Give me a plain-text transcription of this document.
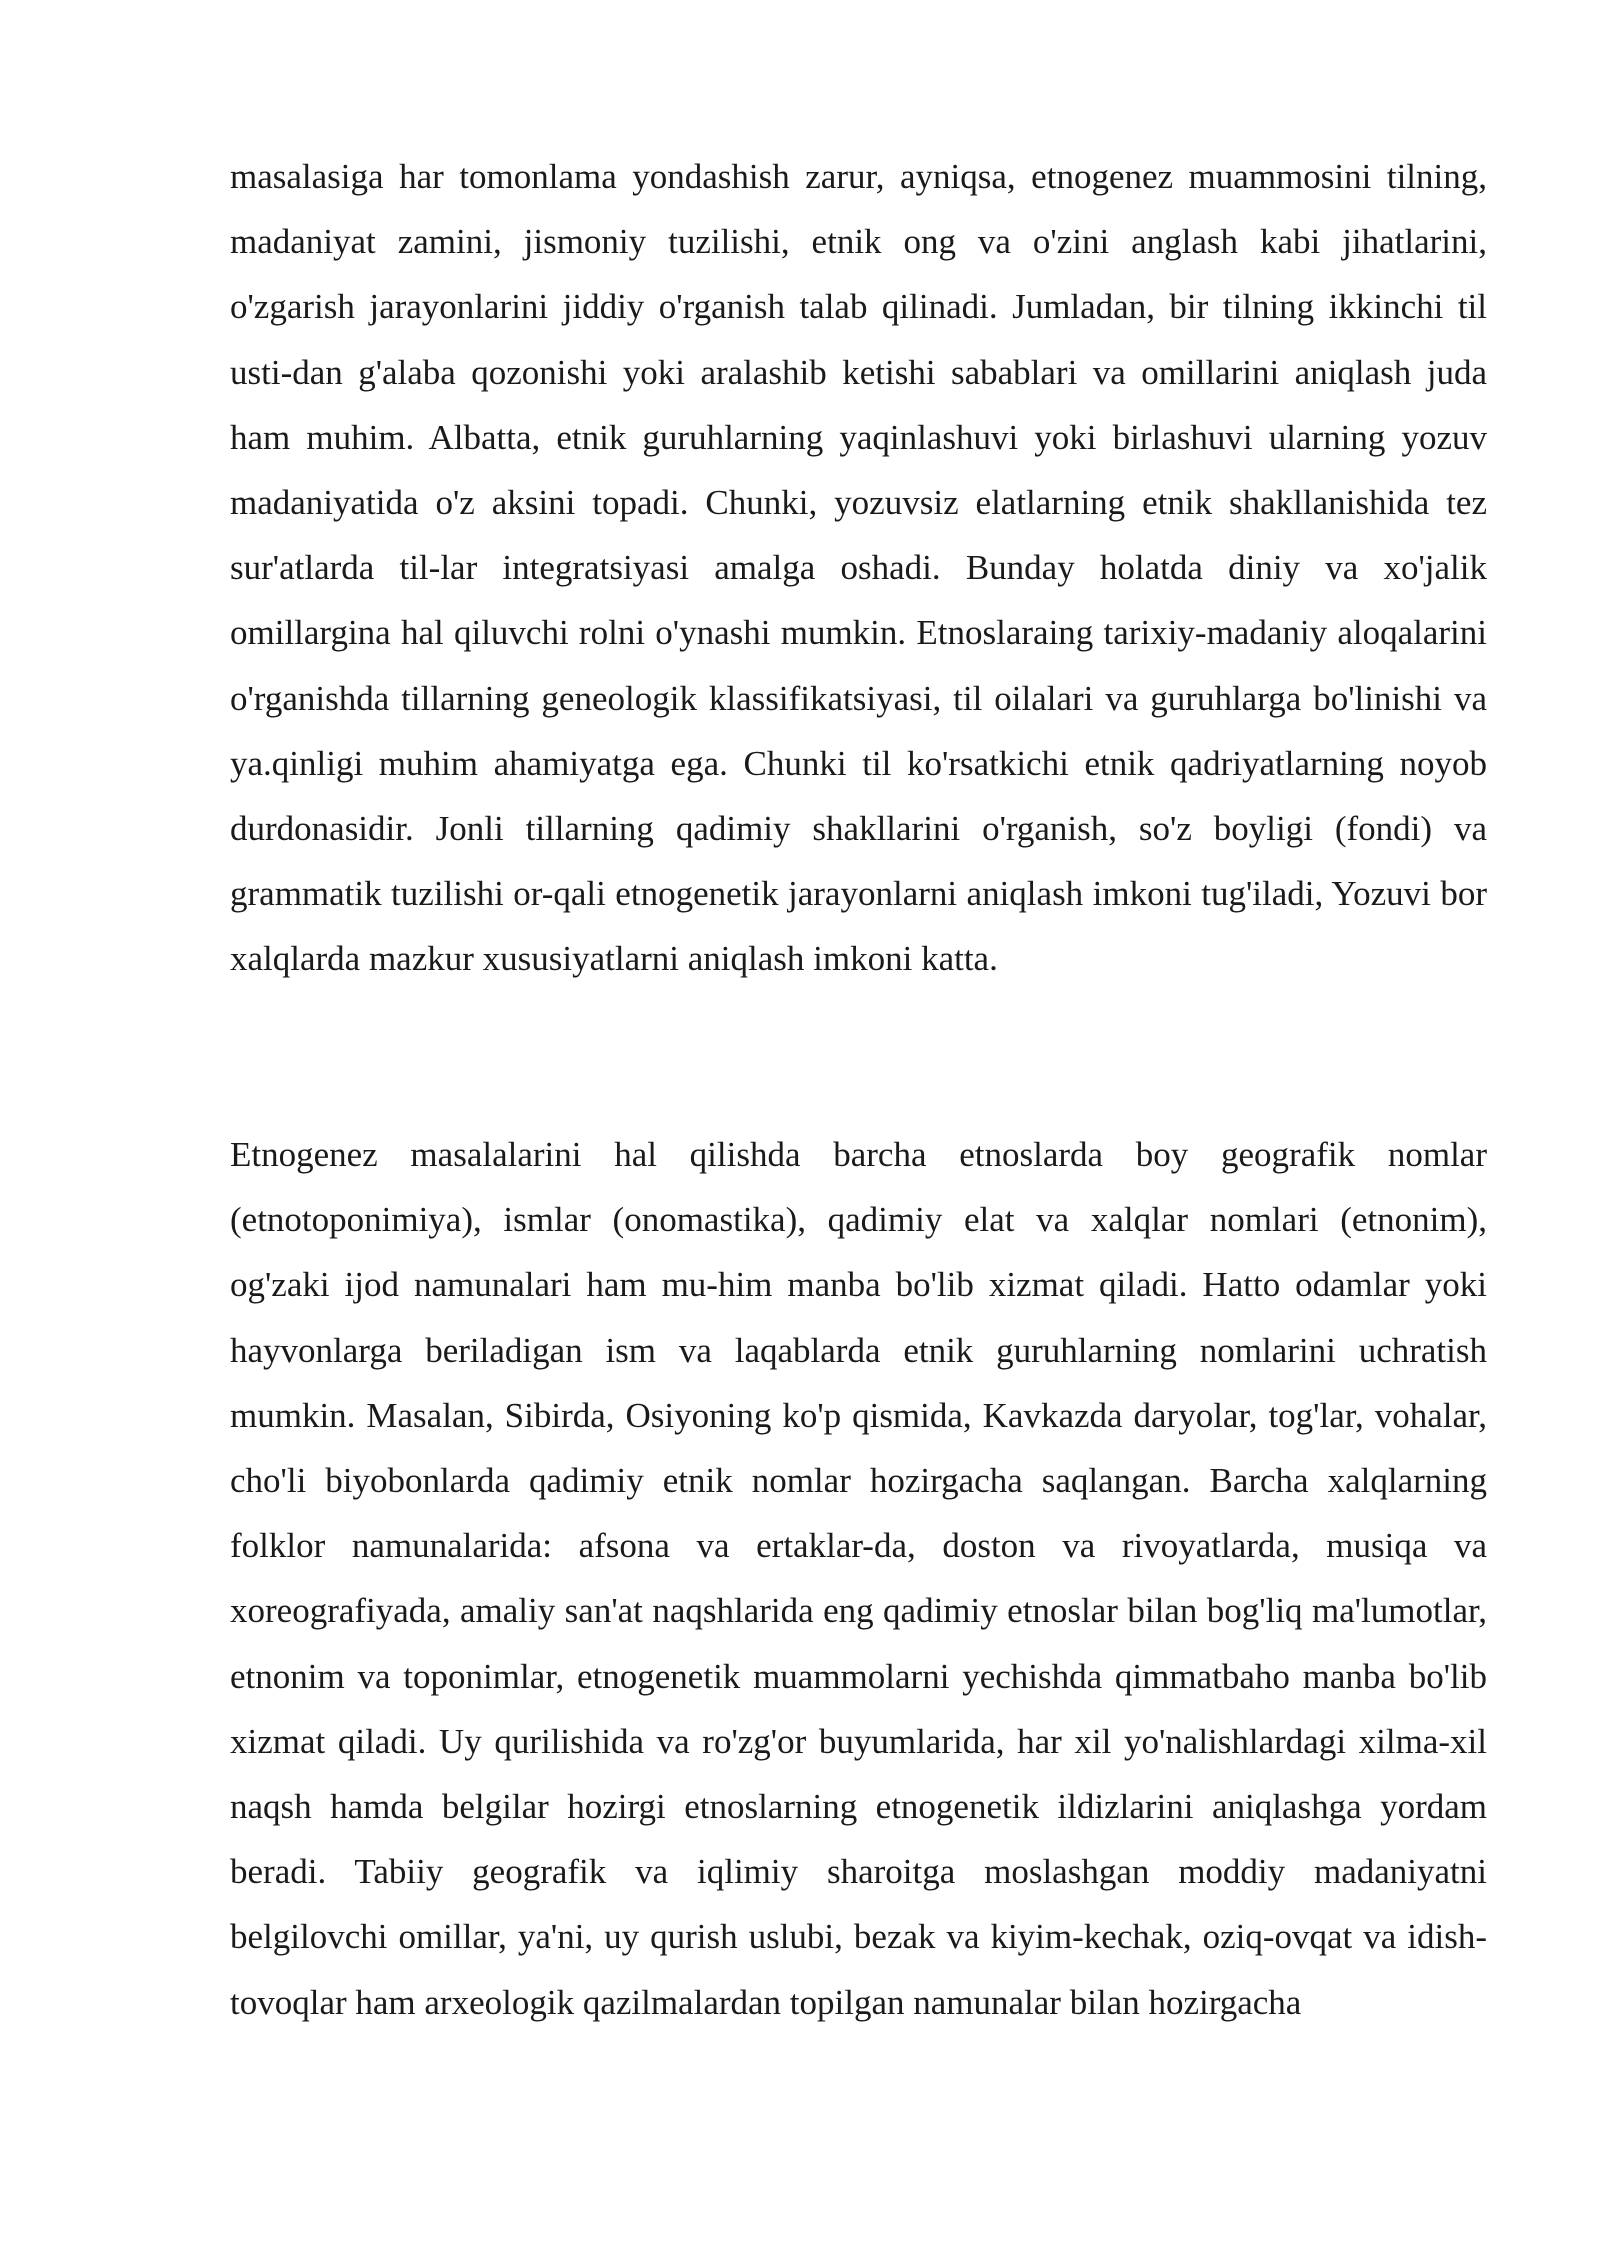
masalasiga har tomonlama yondashish zarur, ayniqsa, etnogenez muammosini tilning, madaniyat zamini, jismoniy tuzilishi, etnik ong va o'zini anglash kabi jihatlarini, o'zgarish jarayonlarini jiddiy o'rganish talab qilinadi. Jumladan, bir tilning ikkinchi til usti-dan g'alaba qozonishi yoki aralashib ketishi sabablari va omillarini aniqlash juda ham muhim. Albatta, etnik guruhlarning yaqinlashuvi yoki birlashuvi ularning yozuv madaniyatida o'z aksini topadi. Chunki, yozuvsiz elatlarning etnik shakllanishida tez sur'atlarda til-lar integratsiyasi amalga oshadi. Bunday holatda diniy va xo'jalik omillargina hal qiluvchi rolni o'ynashi mumkin. Etnoslaraing tarixiy-madaniy aloqalarini o'rganishda tillarning geneologik klassifikatsiyasi, til oilalari va guruhlarga bo'linishi va ya.qinligi muhim ahamiyatga ega. Chunki til ko'rsatkichi etnik qadriyatlarning noyob durdonasidir. Jonli tillarning qadimiy shakllarini o'rganish, so'z boyligi (fondi) va grammatik tuzilishi or-qali etnogenetik jarayonlarni aniqlash imkoni tug'iladi, Yozuvi bor xalqlarda mazkur xususiyatlarni aniqlash imkoni katta.

Etnogenez masalalarini hal qilishda barcha etnoslarda boy geografik nomlar (etnotoponimiya), ismlar (onomastika), qadimiy elat va xalqlar nomlari (etnonim), og'zaki ijod namunalari ham mu-him manba bo'lib xizmat qiladi. Hatto odamlar yoki hayvonlarga beriladigan ism va laqablarda etnik guruhlarning nomlarini uchratish mumkin. Masalan, Sibirda, Osiyoning ko'p qismida, Kavkazda daryolar, tog'lar, vohalar, cho'li biyobonlarda qadimiy etnik nomlar hozirgacha saqlangan. Barcha xalqlarning folklor namunalarida: afsona va ertaklar-da, doston va rivoyatlarda, musiqa va xoreografiyada, amaliy san'at naqshlarida eng qadimiy etnoslar bilan bog'liq ma'lumotlar, etnonim va toponimlar, etnogenetik muammolarni yechishda qimmatbaho manba bo'lib xizmat qiladi. Uy qurilishida va ro'zg'or buyumlarida, har xil yo'nalishlardagi xilma-xil naqsh hamda belgilar hozirgi etnoslarning etnogenetik ildizlarini aniqlashga yordam beradi. Tabiiy geografik va iqlimiy sharoitga moslashgan moddiy madaniyatni belgilovchi omillar, ya'ni, uy qurish uslubi, bezak va kiyim-kechak, oziq-ovqat va idish-tovoqlar ham arxeologik qazilmalardan topilgan namunalar bilan hozirgacha
